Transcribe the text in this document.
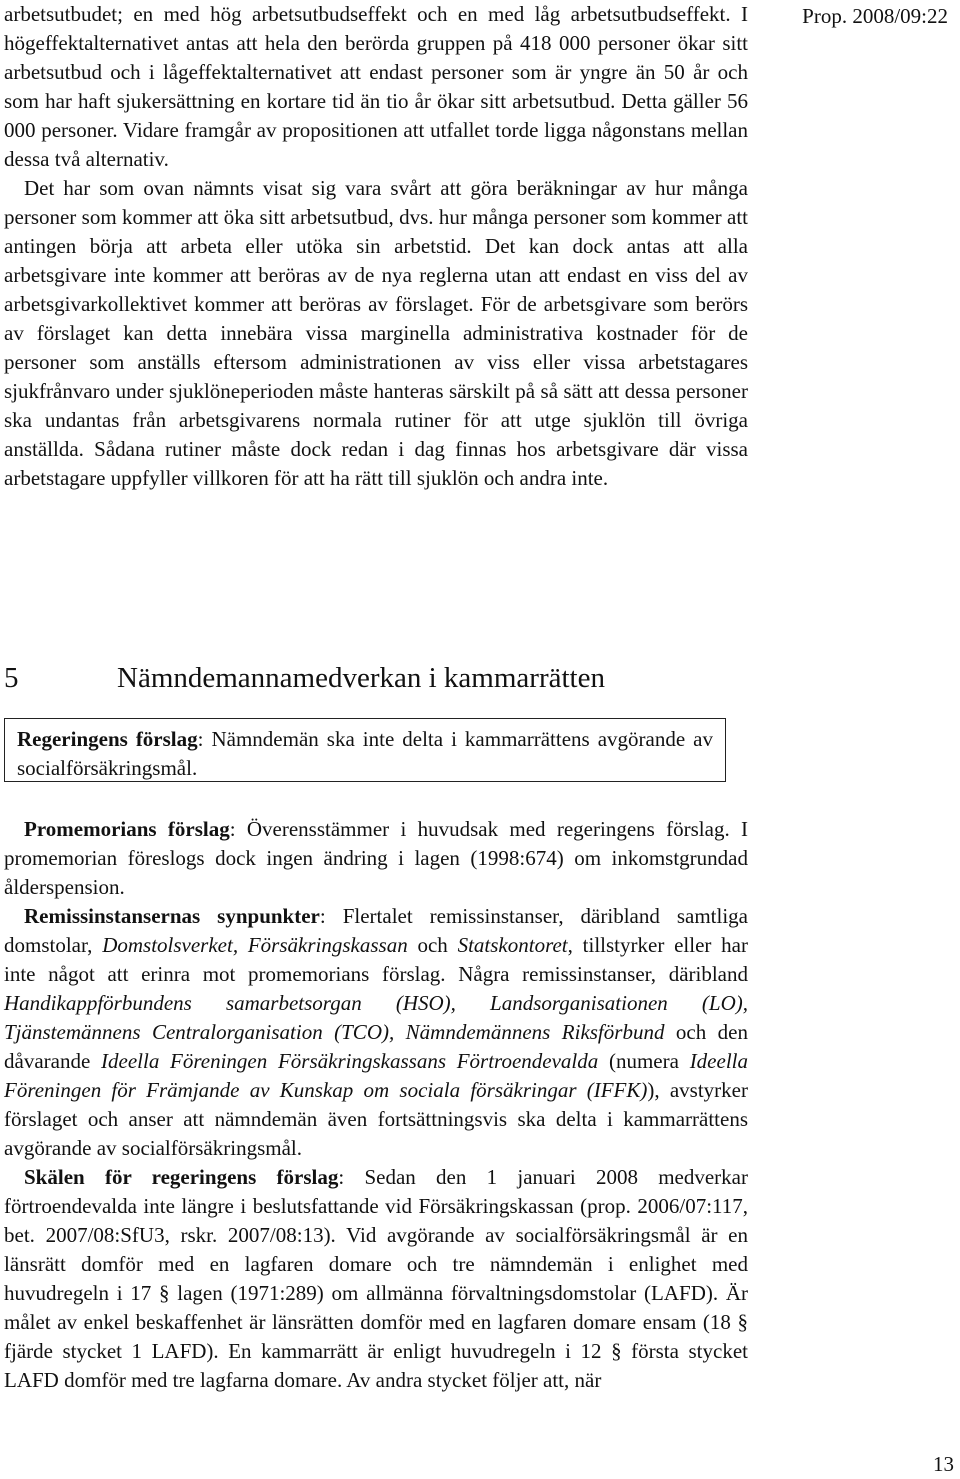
Prop. 2008/09:22

arbetsutbudet; en med hög arbetsutbudseffekt och en med låg arbetsutbudseffekt. I högeffektalternativet antas att hela den berörda gruppen på 418 000 personer ökar sitt arbetsutbud och i lågeffektalternativet att endast personer som är yngre än 50 år och som har haft sjukersättning en kortare tid än tio år ökar sitt arbetsutbud. Detta gäller 56 000 personer. Vidare framgår av propositionen att utfallet torde ligga någonstans mellan dessa två alternativ.

Det har som ovan nämnts visat sig vara svårt att göra beräkningar av hur många personer som kommer att öka sitt arbetsutbud, dvs. hur många personer som kommer att antingen börja att arbeta eller utöka sin arbetstid. Det kan dock antas att alla arbetsgivare inte kommer att beröras av de nya reglerna utan att endast en viss del av arbetsgivarkollektivet kommer att beröras av förslaget. För de arbetsgivare som berörs av förslaget kan detta innebära vissa marginella administrativa kostnader för de personer som anställs eftersom administrationen av viss eller vissa arbetstagares sjukfrånvaro under sjuklöneperioden måste hanteras särskilt på så sätt att dessa personer ska undantas från arbetsgivarens normala rutiner för att utge sjuklön till övriga anställda. Sådana rutiner måste dock redan i dag finnas hos arbetsgivare där vissa arbetstagare uppfyller villkoren för att ha rätt till sjuklön och andra inte.

5	Nämndemannamedverkan i kammarrätten
Regeringens förslag: Nämndemän ska inte delta i kammarrättens avgörande av socialförsäkringsmål.

Promemorians förslag: Överensstämmer i huvudsak med regeringens förslag. I promemorian föreslogs dock ingen ändring i lagen (1998:674) om inkomstgrundad ålderspension.

Remissinstansernas synpunkter: Flertalet remissinstanser, däribland samtliga domstolar, Domstolsverket, Försäkringskassan och Statskontoret, tillstyrker eller har inte något att erinra mot promemorians förslag. Några remissinstanser, däribland Handikappförbundens samarbetsorgan (HSO), Landsorganisationen (LO), Tjänstemännens Centralorganisation (TCO), Nämndemännens Riksförbund och den dåvarande Ideella Föreningen Försäkringskassans Förtroendevalda (numera Ideella Föreningen för Främjande av Kunskap om sociala försäkringar (IFFK)), avstyrker förslaget och anser att nämndemän även fortsättningsvis ska delta i kammarrättens avgörande av socialförsäkringsmål.

Skälen för regeringens förslag: Sedan den 1 januari 2008 medverkar förtroendevalda inte längre i beslutsfattande vid Försäkringskassan (prop. 2006/07:117, bet. 2007/08:SfU3, rskr. 2007/08:13). Vid avgörande av socialförsäkringsmål är en länsrätt domför med en lagfaren domare och tre nämndemän i enlighet med huvudregeln i 17 § lagen (1971:289) om allmänna förvaltningsdomstolar (LAFD). Är målet av enkel beskaffenhet är länsrätten domför med en lagfaren domare ensam (18 § fjärde stycket 1 LAFD). En kammarrätt är enligt huvudregeln i 12 § första stycket LAFD domför med tre lagfarna domare. Av andra stycket följer att, när

13
